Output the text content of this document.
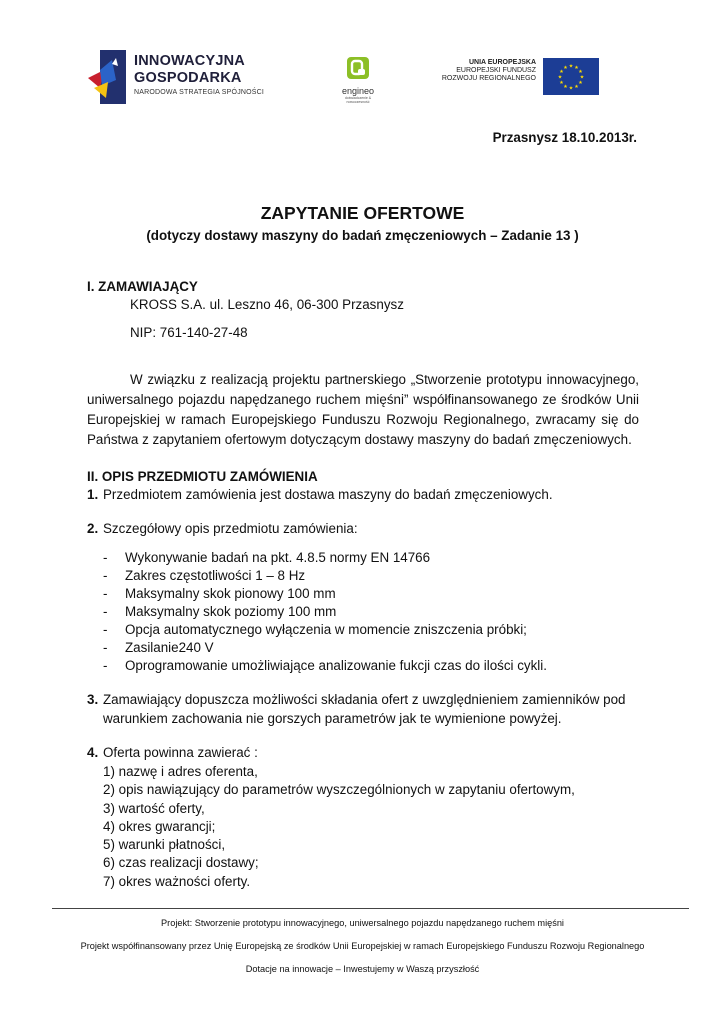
INNOWACYJNA
GOSPODARKA
NARODOWA STRATEGIA SPÓJNOŚCI	engineo
doświadczenie & nowoczesność
UNIA EUROPEJSKA
EUROPEJSKI FUNDUSZ
ROZWOJU REGIONALNEGO
★ ★
★
★
★
★
★
★
★
★
★
★
Przasnysz 18.10.2013r.
ZAPYTANIE OFERTOWE
(dotyczy dostawy maszyny do badań zmęczeniowych – Zadanie 13 )
I. ZAMAWIAJĄCY
KROSS S.A. ul. Leszno 46, 06-300 Przasnysz
NIP: 761-140-27-48
W związku z realizacją projektu partnerskiego „Stworzenie prototypu innowacyjnego,
uniwersalnego pojazdu napędzanego ruchem mięśni” współfinansowanego ze środków Unii
Europejskiej w ramach Europejskiego Funduszu Rozwoju Regionalnego, zwracamy się do
Państwa z zapytaniem ofertowym dotyczącym dostawy maszyny do badań zmęczeniowych.
II. OPIS PRZEDMIOTU ZAMÓWIENIA
1. Przedmiotem zamówienia jest dostawa maszyny do badań zmęczeniowych.
2. Szczegółowy opis przedmiotu zamówienia:
- Wykonywanie badań na pkt. 4.8.5 normy EN 14766
- Zakres częstotliwości 1 – 8 Hz
- Maksymalny skok pionowy 100 mm
- Maksymalny skok poziomy 100 mm
- Opcja automatycznego wyłączenia w momencie zniszczenia próbki;
- Zasilanie240 V
- Oprogramowanie umożliwiające analizowanie fukcji czas do ilości cykli.
3. Zamawiający dopuszcza możliwości składania ofert z uwzględnieniem zamienników pod
warunkiem zachowania nie gorszych parametrów jak te wymienione powyżej.
4. Oferta powinna zawierać :
1) nazwę i adres oferenta,
2) opis nawiązujący do parametrów wyszczególnionych w zapytaniu ofertowym,
3) wartość oferty,
4) okres gwarancji;
5) warunki płatności,
6) czas realizacji dostawy;
7) okres ważności oferty.
Projekt: Stworzenie prototypu innowacyjnego, uniwersalnego pojazdu napędzanego ruchem mięśni
Projekt współfinansowany przez Unię Europejską ze środków Unii Europejskiej w ramach Europejskiego Funduszu Rozwoju Regionalnego
Dotacje na innowacje – Inwestujemy w Waszą przyszłość
